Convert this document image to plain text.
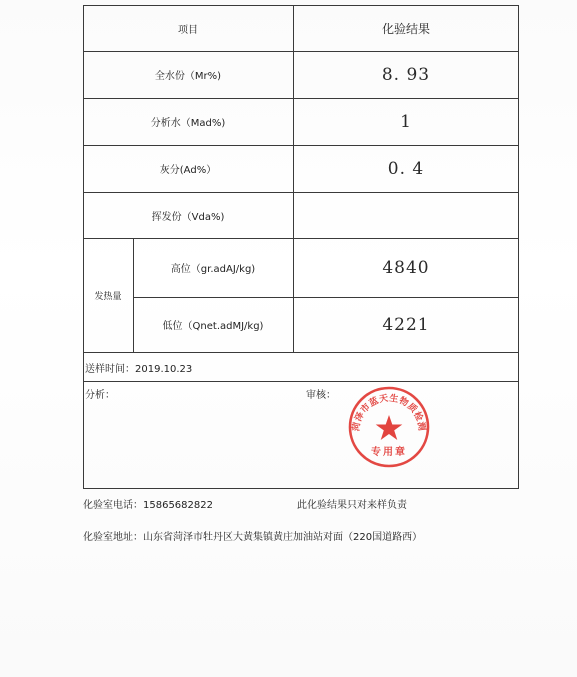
项目	化验结果
全水份（Mr%)	8. 93
分析水（Mad%)	1
灰分(Ad%）	0. 4
挥发份（Vda%)
发热量
高位（gr.adAJ/kg)	4840
低位（Qnet.adMJ/kg)	4221
送样时间：2019.10.23
分析：	审核：
菏泽市蓝天生物质检测
专用章
化验室电话：15865682822	此化验结果只对来样负责
化验室地址：山东省菏泽市牡丹区大黄集镇黄庄加油站对面（220国道路西）
